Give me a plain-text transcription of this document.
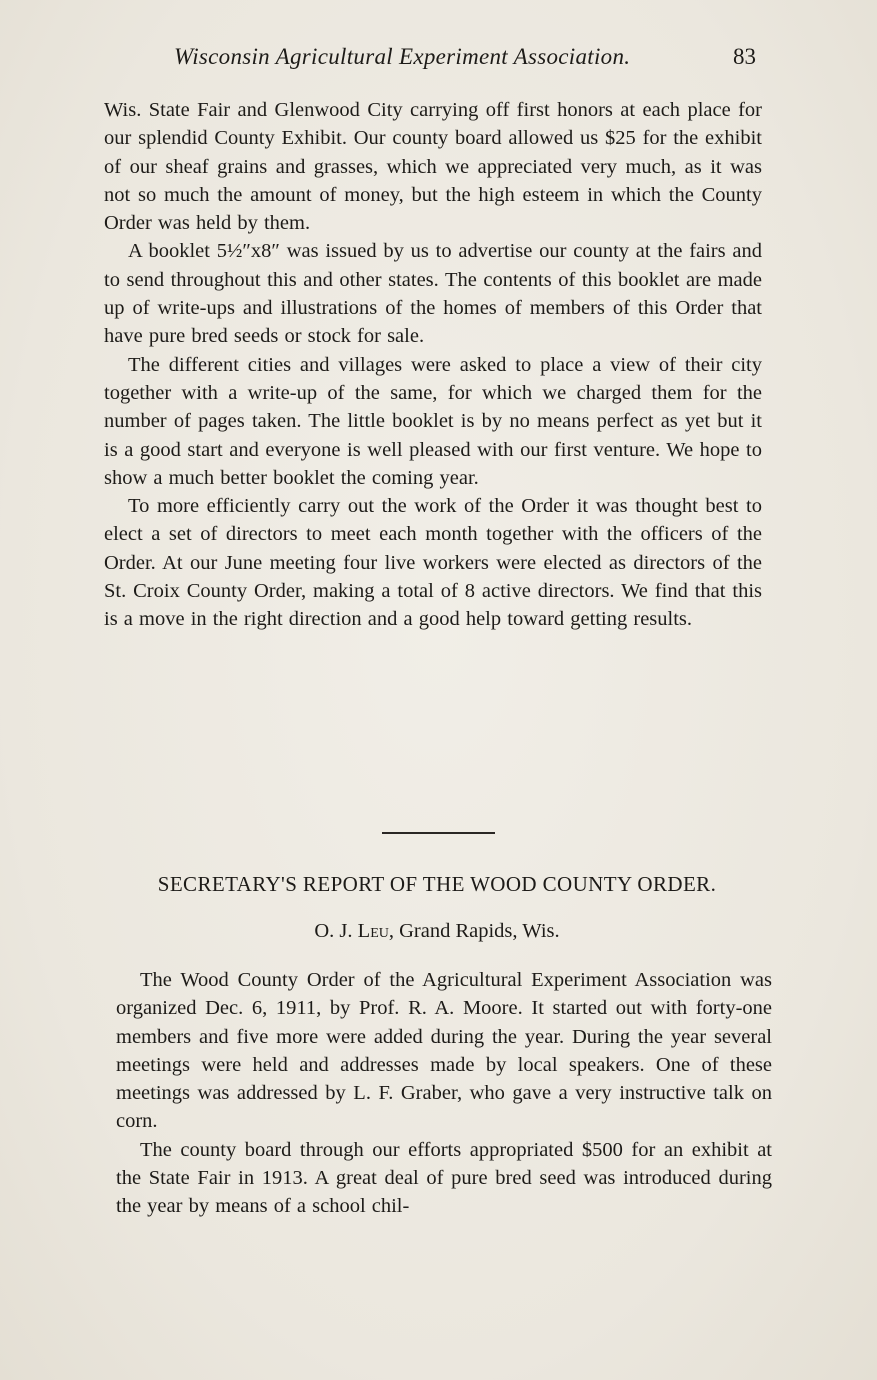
Wisconsin Agricultural Experiment Association.	83

Wis. State Fair and Glenwood City carrying off first honors at each place for our splendid County Exhibit. Our county board allowed us $25 for the exhibit of our sheaf grains and grasses, which we appreciated very much, as it was not so much the amount of money, but the high esteem in which the County Order was held by them.

A booklet 5½″x8″ was issued by us to advertise our county at the fairs and to send throughout this and other states. The contents of this booklet are made up of write-ups and illustrations of the homes of members of this Order that have pure bred seeds or stock for sale.

The different cities and villages were asked to place a view of their city together with a write-up of the same, for which we charged them for the number of pages taken. The little booklet is by no means perfect as yet but it is a good start and everyone is well pleased with our first venture. We hope to show a much better booklet the coming year.

To more efficiently carry out the work of the Order it was thought best to elect a set of directors to meet each month together with the officers of the Order. At our June meeting four live workers were elected as directors of the St. Croix County Order, making a total of 8 active directors. We find that this is a move in the right direction and a good help toward getting results.

SECRETARY'S REPORT OF THE WOOD COUNTY ORDER.
O. J. Leu, Grand Rapids, Wis.

The Wood County Order of the Agricultural Experiment Association was organized Dec. 6, 1911, by Prof. R. A. Moore. It started out with forty-one members and five more were added during the year. During the year several meetings were held and addresses made by local speakers. One of these meetings was addressed by L. F. Graber, who gave a very instructive talk on corn.

The county board through our efforts appropriated $500 for an exhibit at the State Fair in 1913. A great deal of pure bred seed was introduced during the year by means of a school chil-
